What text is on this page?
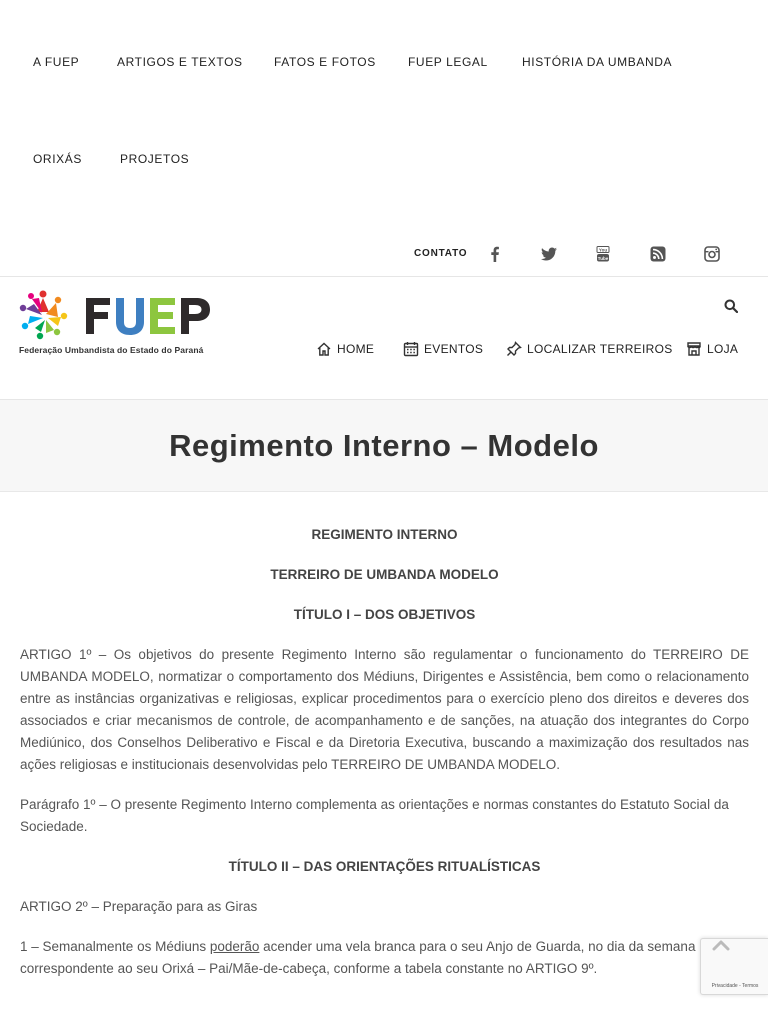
A FUEP	ARTIGOS E TEXTOS	FATOS E FOTOS	FUEP LEGAL	HISTÓRIA DA UMBANDA
ORIXÁS	PROJETOS
CONTATO	You
Tube
Federação Umbandista do Estado do Paraná	HOME	EVENTOS	LOCALIZAR TERREIROS	LOJA
Regimento Interno – Modelo
REGIMENTO INTERNO
TERREIRO DE UMBANDA MODELO
TÍTULO I – DOS OBJETIVOS

ARTIGO 1º – Os objetivos do presente Regimento Interno são regulamentar o funcionamento do TERREIRO DE UMBANDA MODELO, normatizar o comportamento dos Médiuns, Dirigentes e Assistência, bem como o relacionamento entre as instâncias organizativas e religiosas, explicar procedimentos para o exercício pleno dos direitos e deveres dos associados e criar mecanismos de controle, de acompanhamento e de sanções, na atuação dos integrantes do Corpo Mediúnico, dos Conselhos Deliberativo e Fiscal e da Diretoria Executiva, buscando a maximização dos resultados nas ações religiosas e institucionais desenvolvidas pelo TERREIRO DE UMBANDA MODELO.

Parágrafo 1º – O presente Regimento Interno complementa as orientações e normas constantes do Estatuto Social da Sociedade.

TÍTULO II – DAS ORIENTAÇÕES RITUALÍSTICAS

ARTIGO 2º – Preparação para as Giras

1 – Semanalmente os Médiuns poderão acender uma vela branca para o seu Anjo de Guarda, no dia da semana correspondente ao seu Orixá – Pai/Mãe-de-cabeça, conforme a tabela constante no ARTIGO 9º.

Privacidade - Termos
